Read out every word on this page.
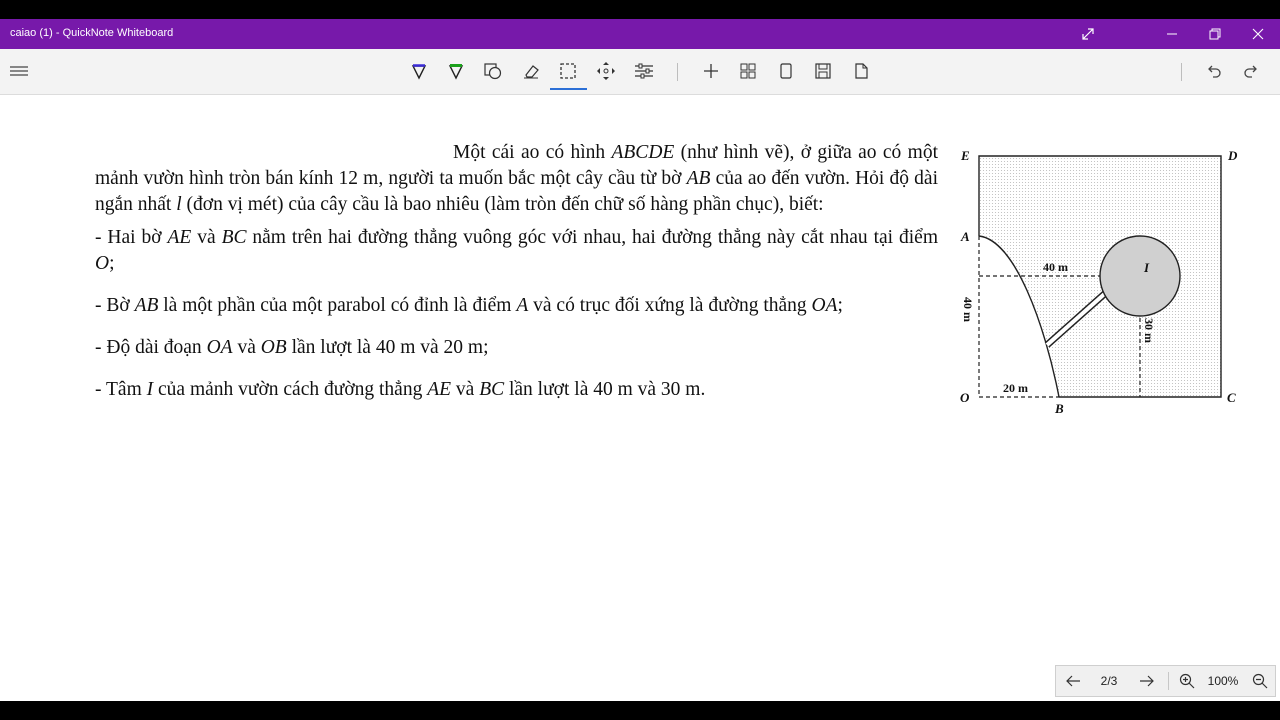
caiao (1) - QuickNote Whiteboard

Một cái ao có hình ABCDE (như hình vẽ), ở giữa ao có một mảnh vườn hình tròn bán kính 12 m, người ta muốn bắc một cây cầu từ bờ AB của ao đến vườn. Hỏi độ dài ngắn nhất l (đơn vị mét) của cây cầu là bao nhiêu (làm tròn đến chữ số hàng phần chục), biết:

- Hai bờ AE và BC nằm trên hai đường thẳng vuông góc với nhau, hai đường thẳng này cắt nhau tại điểm O;

- Bờ AB là một phần của một parabol có đỉnh là điểm A và có trục đối xứng là đường thẳng OA;

- Độ dài đoạn OA và OB lần lượt là 40 m và 20 m;

- Tâm I của mảnh vườn cách đường thẳng AE và BC lần lượt là 40 m và 30 m.

E	D
A
I
O
B
C
40 m
20 m
40 m
30 m
2/3	100%
